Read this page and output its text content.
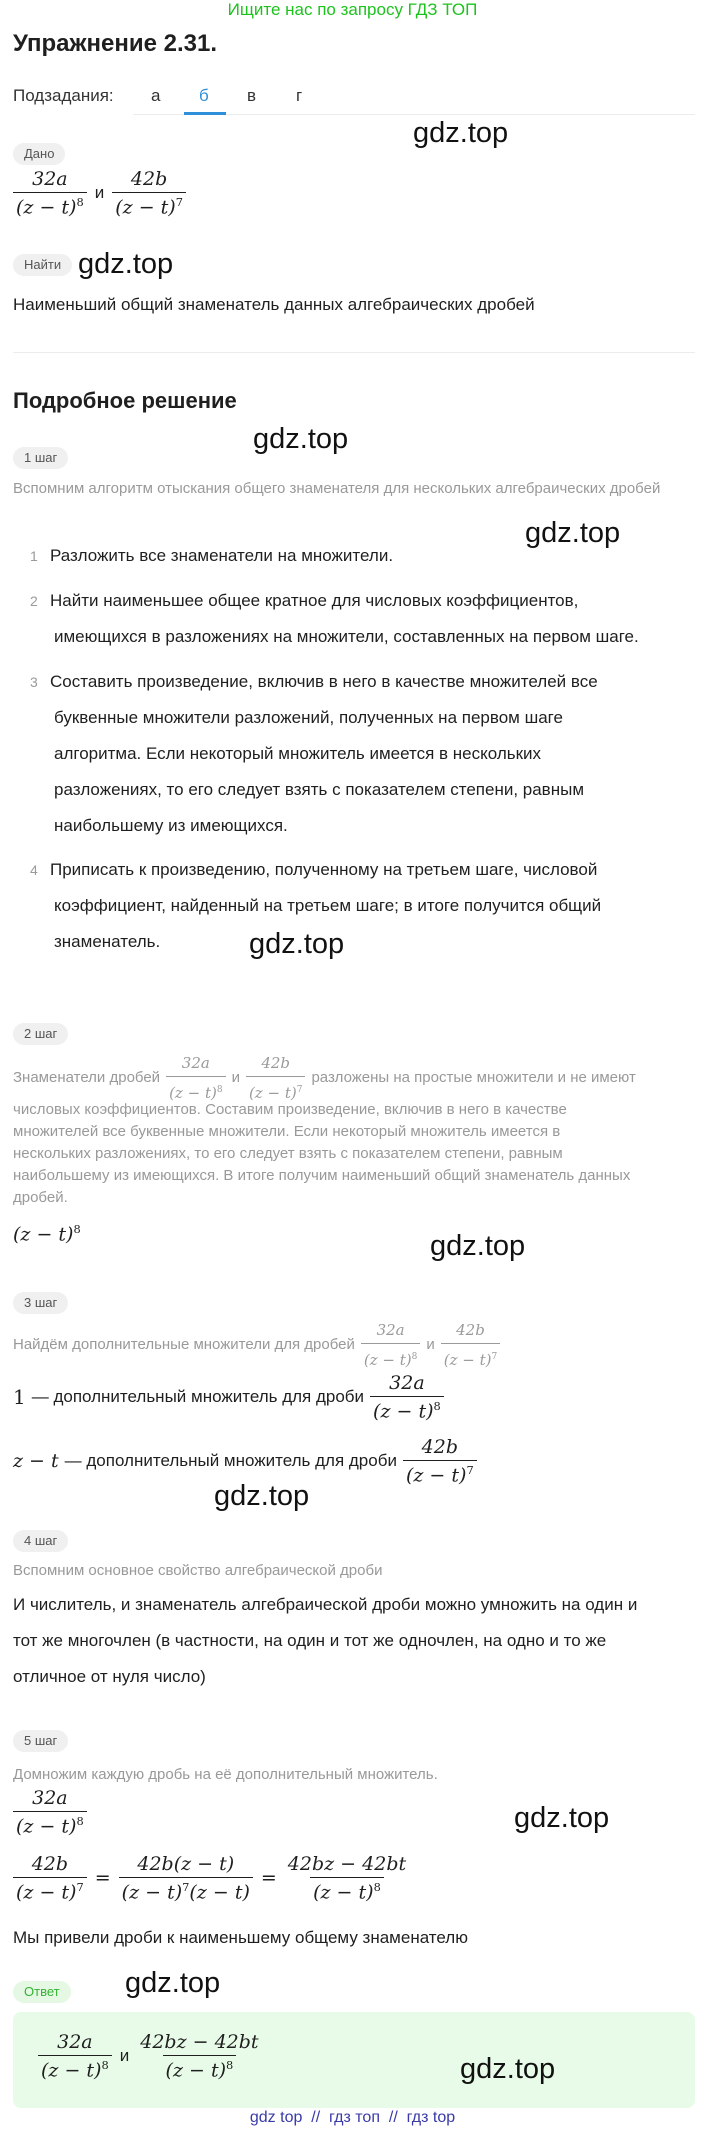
Ищите нас по запросу ГДЗ ТОП
Упражнение 2.31.
Подзадания: а б в г
Дано
$\frac{32a}{(z - t)^8}$ и $\frac{42b}{(z - t)^7}$
gdz.top
Найти gdz.top
Наименьший общий знаменатель данных алгебраических дробей
Подробное решение
gdz.top
1 шаг
Вспомним алгоритм отыскания общего знаменателя для нескольких алгебраических дробей
gdz.top
1 Разложить все знаменатели на множители.
2 Найти наименьшее общее кратное для числовых коэффициентов,
имеющихся в разложениях на множители, составленных на первом шаге.
3 Составить произведение, включив в него в качестве множителей все
буквенные множители разложений, полученных на первом шаге
алгоритма. Если некоторый множитель имеется в нескольких
разложениях, то его следует взять с показателем степени, равным
наибольшему из имеющихся.
4 Приписать к произведению, полученному на третьем шаге, числовой
коэффициент, найденный на третьем шаге; в итоге получится общий
знаменатель.	gdz.top
2 шаг
Знаменатели дробей $\frac{32a}{(z - t)^8}$ и $\frac{42b}{(z - t)^7}$ разложены на простые множители и не имеют
числовых коэффициентов. Составим произведение, включив в него в качестве
множителей все буквенные множители. Если некоторый множитель имеется в
нескольких разложениях, то его следует взять с показателем степени, равным
наибольшему из имеющихся. В итоге получим наименьший общий знаменатель данных
дробей.
$(z - t)^8$
gdz.top
3 шаг
Найдём дополнительные множители для дробей $\frac{32a}{(z - t)^8}$ и $\frac{42b}{(z - t)^7}$
1 — дополнительный множитель для дроби $\frac{32a}{(z - t)^8}$
z − t — дополнительный множитель для дроби $\frac{42b}{(z - t)^7}$
gdz.top
4 шаг
Вспомним основное свойство алгебраической дроби
И числитель, и знаменатель алгебраической дроби можно умножить на один и
тот же многочлен (в частности, на один и тот же одночлен, на одно и то же
отличное от нуля число)
5 шаг
Домножим каждую дробь на её дополнительный множитель.
$\frac{32a}{(z - t)^8}$	gdz.top
$\frac{42b}{(z - t)^7} = \frac{42b(z - t)}{(z - t)^7(z - t)} = \frac{42bz - 42bt}{(z - t)^8}$
Мы привели дроби к наименьшему общему знаменателю
Ответ	gdz.top
$\frac{32a}{(z - t)^8}$ и $\frac{42bz - 42bt}{(z - t)^8}$	gdz.top
gdz top  //  гдз топ  //  гдз top
